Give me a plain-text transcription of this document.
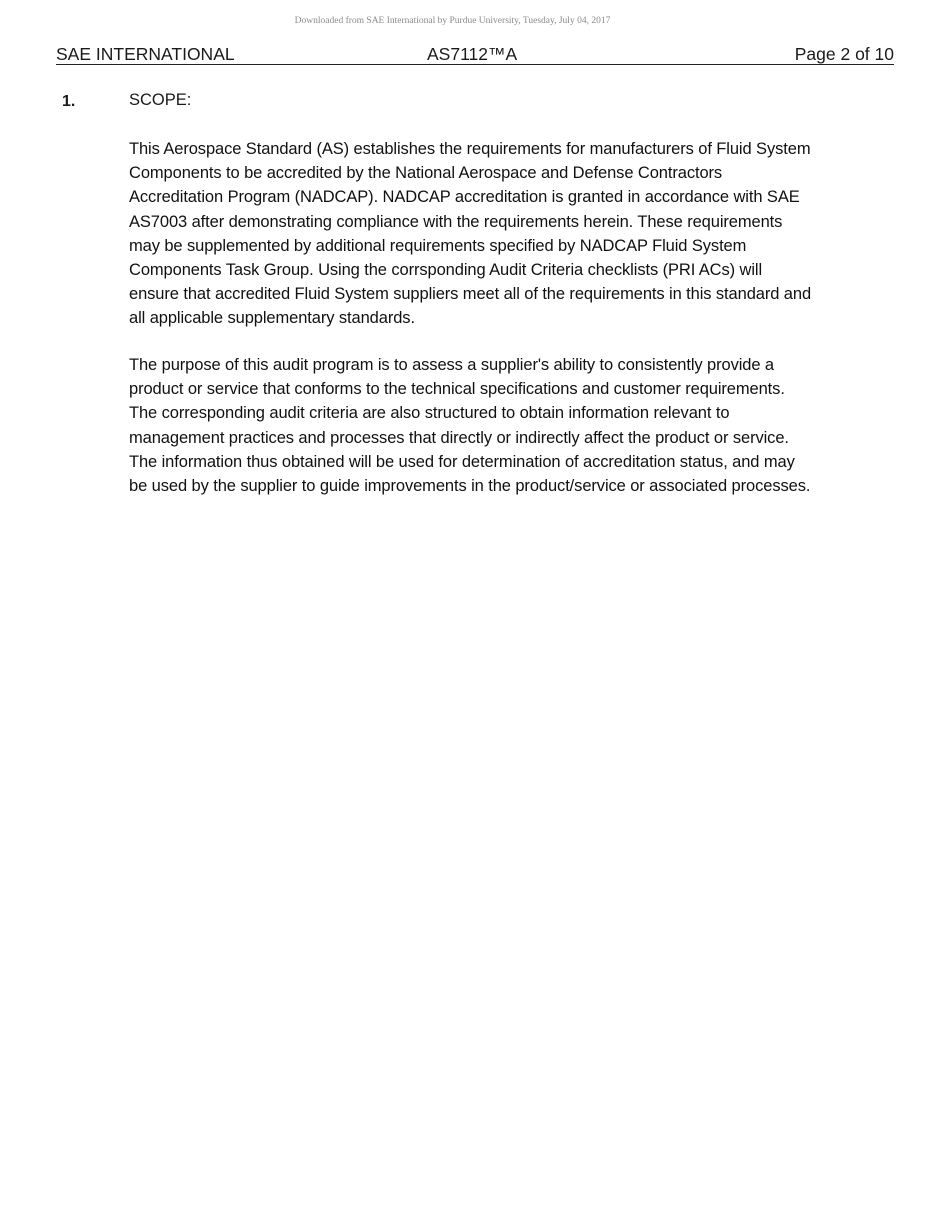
Downloaded from SAE International by Purdue University, Tuesday, July 04, 2017
SAE INTERNATIONAL	AS7112™A	Page 2 of 10
1.	SCOPE:
This Aerospace Standard (AS) establishes the requirements for manufacturers of Fluid System
Components to be accredited by the National Aerospace and Defense Contractors
Accreditation Program (NADCAP). NADCAP accreditation is granted in accordance with SAE
AS7003 after demonstrating compliance with the requirements herein. These requirements
may be supplemented by additional requirements specified by NADCAP Fluid System
Components Task Group. Using the corrsponding Audit Criteria checklists (PRI ACs) will
ensure that accredited Fluid System suppliers meet all of the requirements in this standard and
all applicable supplementary standards.
The purpose of this audit program is to assess a supplier's ability to consistently provide a
product or service that conforms to the technical specifications and customer requirements.
The corresponding audit criteria are also structured to obtain information relevant to
management practices and processes that directly or indirectly affect the product or service.
The information thus obtained will be used for determination of accreditation status, and may
be used by the supplier to guide improvements in the product/service or associated processes.
